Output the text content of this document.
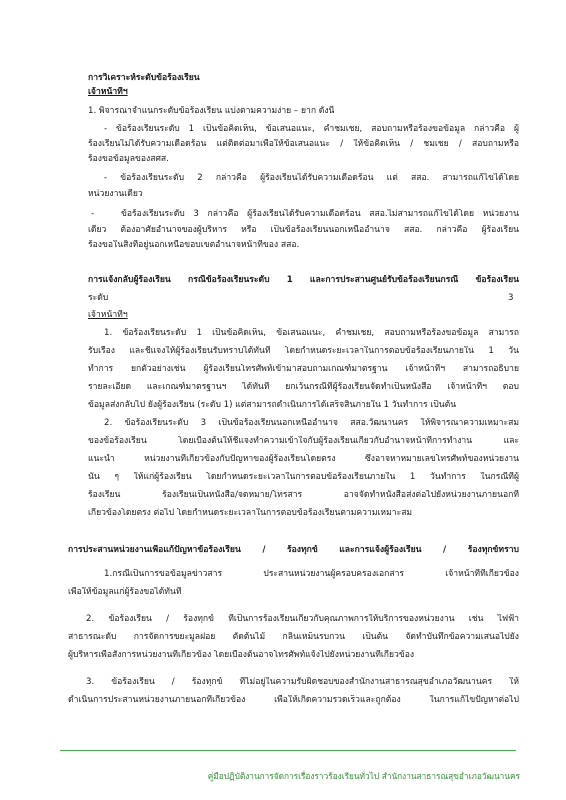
การวิเคราะห์ระดับข้อร้องเรียน
เจ้าหน้าที่ฯ
1. พิจารณาจำแนกระดับข้อร้องเรียน แบ่งตามความง่าย – ยาก ดังนี้
- ข้อร้องเรียนระดับ 1 เป็นข้อคิดเห็น, ข้อเสนอแนะ, คำชมเชย, สอบถามหรือร้องขอข้อมูล กล่าวคือ ผู้
ร้องเรียนไม่ได้รับความเดือดร้อน แต่ติดต่อมาเพื่อให้ข้อเสนอแนะ / ให้ข้อคิดเห็น / ชมเชย / สอบถามหรือ
ร้องขอข้อมูลของสศส.
- ข้อร้องเรียนระดับ 2 กล่าวคือ ผู้ร้องเรียนได้รับความเดือดร้อน แต่ สสอ. สามารถแก้ไขได้โดย
หน่วยงานเดียว
-	ข้อร้องเรียนระดับ 3 กล่าวคือ ผู้ร้องเรียนได้รับความเดือดร้อน สสอ.ไม่สามารถแก้ไขได้โดย หน่วยงาน
เดียว ต้องอาศัยอำนาจของผู้บริหาร หรือ เป็นข้อร้องเรียนนอกเหนืออำนาจ สสอ. กล่าวคือ ผู้ร้องเรียน
ร้องขอในสิ่งที่อยู่นอกเหนือขอบเขตอำนาจหน้าที่ของ สสอ.
การแจ้งกลับผู้ร้องเรียน กรณีข้อร้องเรียนระดับ 1 และการประสานศูนย์รับข้อร้องเรียนกรณี ข้อร้องเรียน
ระดับ	3
เจ้าหน้าที่ฯ
1. ข้อร้องเรียนระดับ 1 เป็นข้อคิดเห็น, ข้อเสนอแนะ, คำชมเชย, สอบถามหรือร้องขอข้อมูล สามารถ
รับเรื่อง และชี้แจงให้ผู้ร้องเรียนรับทราบได้ทันที โดยกำหนดระยะเวลาในการตอบข้อร้องเรียนภายใน 1 วัน
ทำการ ยกตัวอย่างเช่น ผู้ร้องเรียนโทรศัพท์เข้ามาสอบถามเกณฑ์มาตรฐาน เจ้าหน้าที่ฯ สามารถอธิบาย
รายละเอียด และเกณฑ์มาตรฐานฯ ได้ทันที ยกเว้นกรณีที่ผู้ร้องเรียนจัดทำเป็นหนังสือ เจ้าหน้าที่ฯ ตอบ
ข้อมูลส่งกลับไป ยังผู้ร้องเรียน (ระดับ 1) แต่สามารถดำเนินการได้เสร็จสิ้นภายใน 1 วันทำการ เป็นต้น
2. ข้อร้องเรียนระดับ 3 เป็นข้อร้องเรียนนอกเหนืออำนาจ สสอ.วัฒนานคร ให้พิจารณาความเหมาะสม
ของข้อร้องเรียน โดยเบื้องต้นให้ชี้แจงทำความเข้าใจกับผู้ร้องเรียนเกี่ยวกับอำนาจหน้าที่การทำงาน และ
แนะนำ หน่วยงานที่เกี่ยวข้องกับปัญหาของผู้ร้องเรียนโดยตรง ซึ่งอาจหาหมายเลขโทรศัพท์ของหน่วยงาน
นั้น ๆ ให้แก่ผู้ร้องเรียน โดยกำหนดระยะเวลาในการตอบข้อร้องเรียนภายใน 1 วันทำการ ในกรณีที่ผู้
ร้องเรียน ร้องเรียนเป็นหนังสือ/จดหมาย/โทรสาร อาจจัดทำหนังสือส่งต่อไปยังหน่วยงานภายนอกที่
เกี่ยวข้องโดยตรง ต่อไป โดยกำหนดระยะเวลาในการตอบข้อร้องเรียนตามความเหมาะสม
การประสานหน่วยงานเพื่อแก้ปัญหาข้อร้องเรียน / ร้องทุกข์ และการแจ้งผู้ร้องเรียน / ร้องทุกข์ทราบ
1.กรณีเป็นการขอข้อมูลข่าวสาร ประสานหน่วยงานผู้ครอบครองเอกสาร เจ้าหน้าที่ที่เกี่ยวข้อง
เพื่อให้ข้อมูลแก่ผู้ร้องขอได้ทันที
2. ข้อร้องเรียน / ร้องทุกข์ ที่เป็นการร้องเรียนเกี่ยวกับคุณภาพการให้บริการของหน่วยงาน เช่น ไฟฟ้า
สาธารณะดับ การจัดการขยะมูลฝอย ตัดต้นไม้ กลิ่นเหม็นรบกวน เป็นต้น จัดทำบันทึกข้อความเสนอไปยัง
ผู้บริหารเพื่อสั่งการหน่วยงานที่เกี่ยวข้อง โดยเบื้องต้นอาจโทรศัพท์แจ้งไปยังหน่วยงานที่เกี่ยวข้อง
3. ข้อร้องเรียน / ร้องทุกข์ ที่ไม่อยู่ในความรับผิดชอบของสำนักงานสาธารณสุขอำเภอวัฒนานคร ให้
ดำเนินการประสานหน่วยงานภายนอกที่เกี่ยวข้อง เพื่อให้เกิดความรวดเร็วและถูกต้อง ในการแก้ไขปัญหาต่อไป
คู่มือปฏิบัติงานการจัดการเรื่องราวร้องเรียนทั่วไป สำนักงานสาธารณสุขอำเภอวัฒนานคร
